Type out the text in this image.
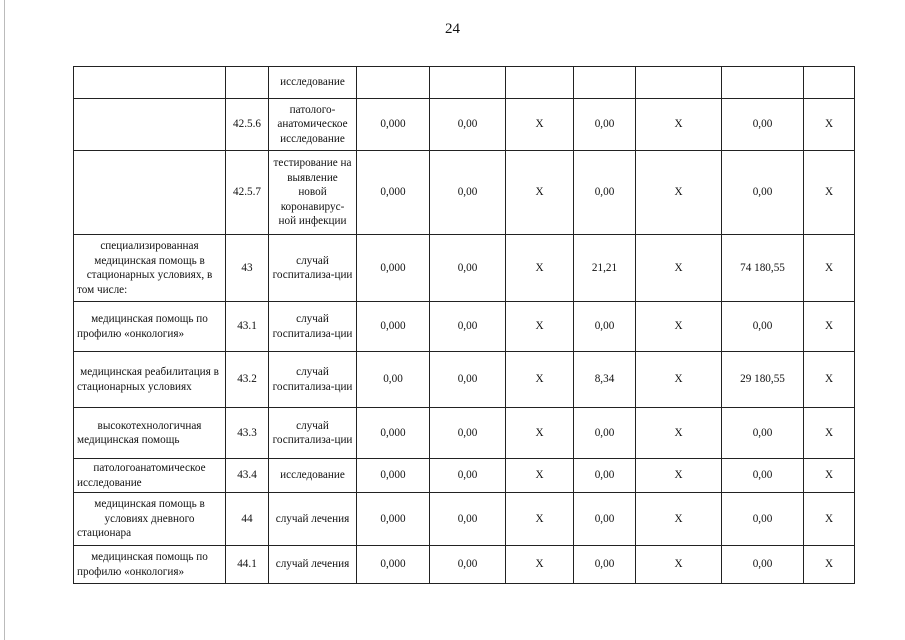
24
		исследование							
	42.5.6	патолого-анатомическое исследование	0,000	0,00	X	0,00	X	0,00	X
	42.5.7	тестирование на выявление новой коронавирус-ной инфекции	0,000	0,00	X	0,00	X	0,00	X
специализированная медицинская помощь в стационарных условиях, в том числе:	43	случай госпитализа-ции	0,000	0,00	X	21,21	X	74 180,55	X
медицинская помощь по профилю «онкология»	43.1	случай госпитализа-ции	0,000	0,00	X	0,00	X	0,00	X
медицинская реабилитация в стационарных условиях	43.2	случай госпитализа-ции	0,00	0,00	X	8,34	X	29 180,55	X
высокотехнологичная медицинская помощь	43.3	случай госпитализа-ции	0,000	0,00	X	0,00	X	0,00	X
патологоанатомическое исследование	43.4	исследование	0,000	0,00	X	0,00	X	0,00	X
медицинская помощь в условиях дневного стационара	44	случай лечения	0,000	0,00	X	0,00	X	0,00	X
медицинская помощь по профилю «онкология»	44.1	случай лечения	0,000	0,00	X	0,00	X	0,00	X
